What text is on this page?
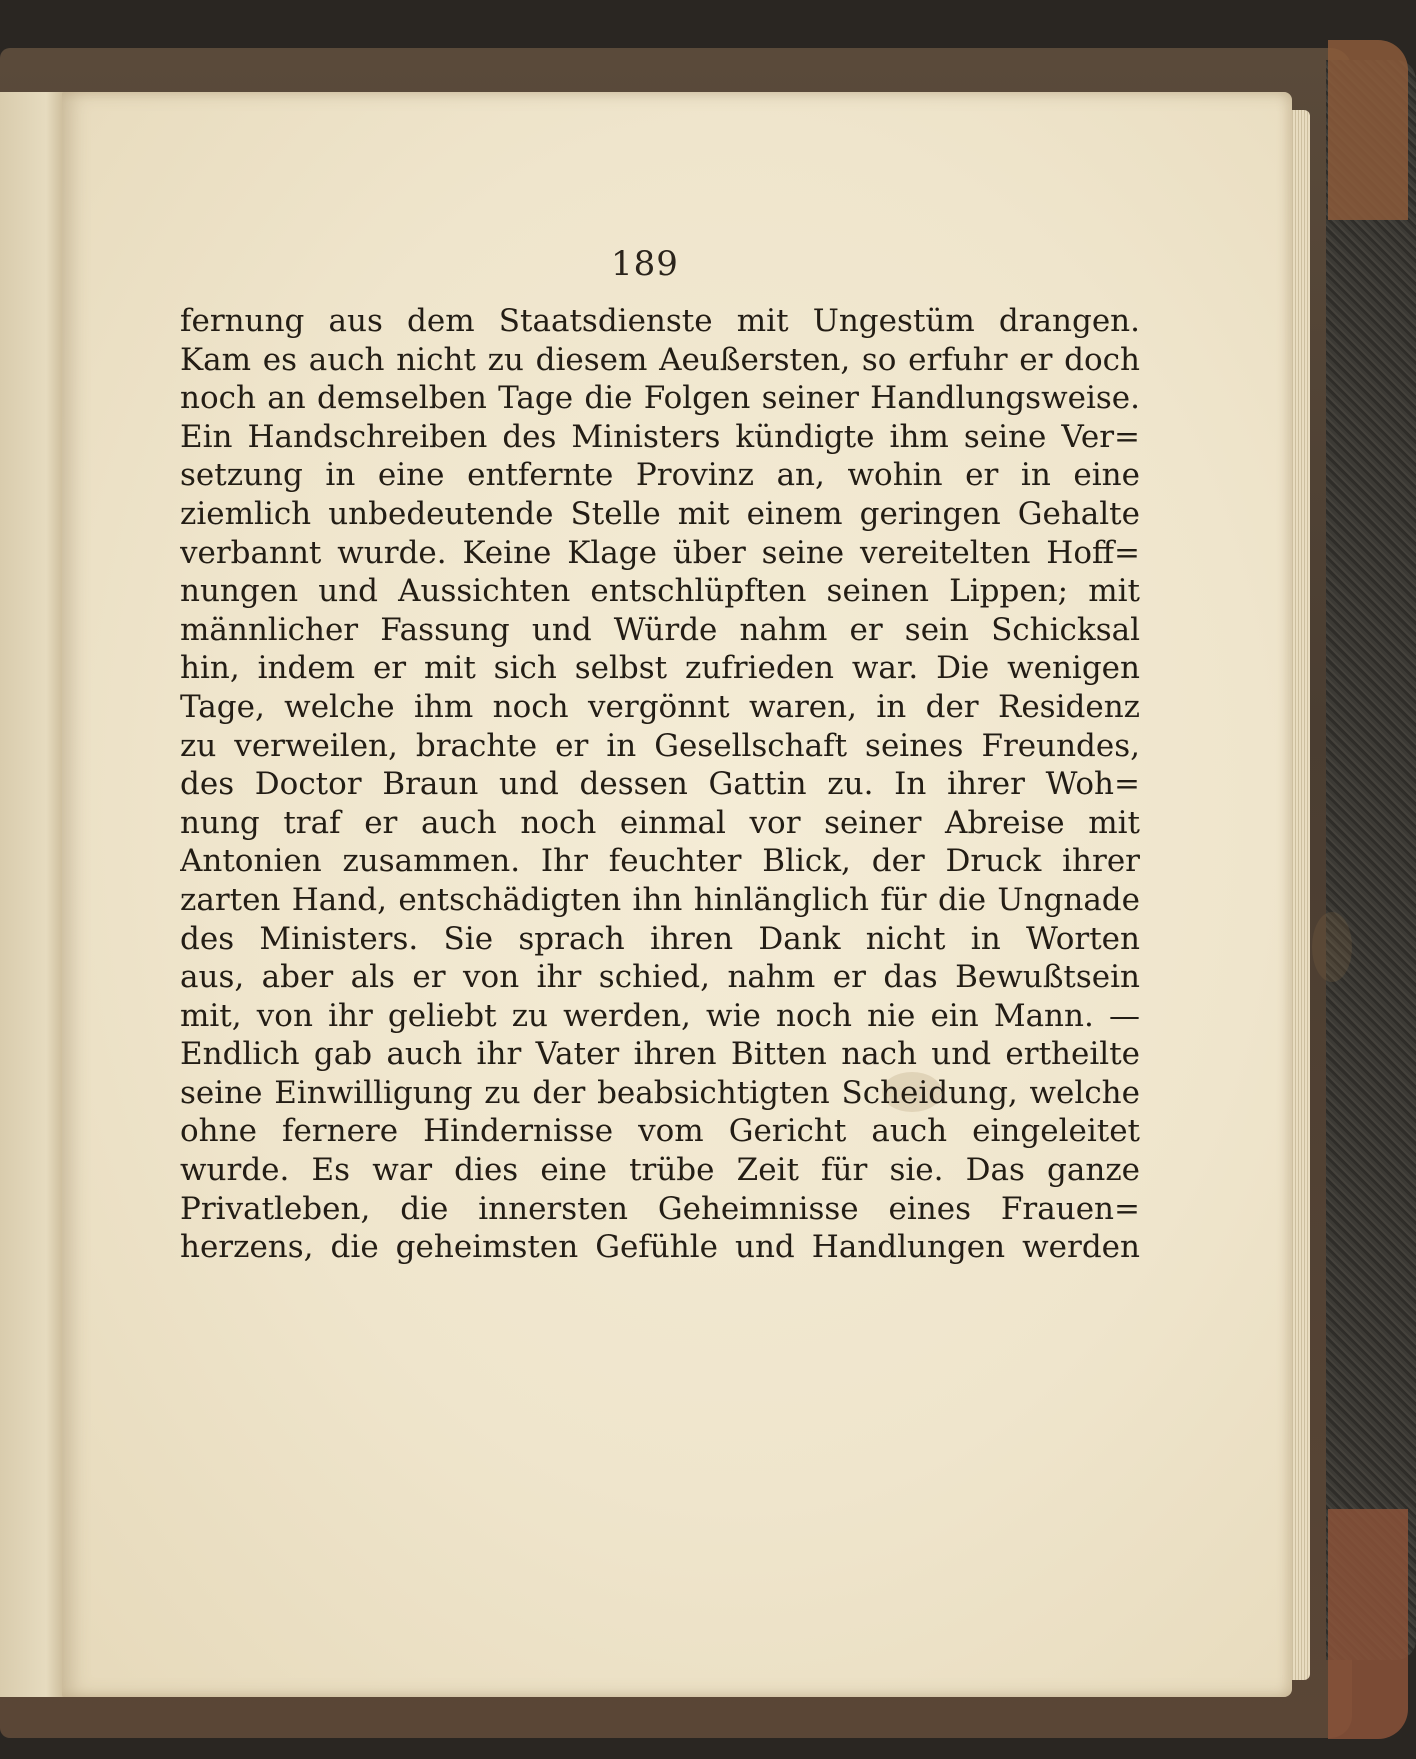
189
fernung aus dem Staatsdienste mit Ungestüm drangen.
Kam es auch nicht zu diesem Aeußersten, so erfuhr er doch
noch an demselben Tage die Folgen seiner Handlungsweise.
Ein Handschreiben des Ministers kündigte ihm seine Ver=
setzung in eine entfernte Provinz an, wohin er in eine
ziemlich unbedeutende Stelle mit einem geringen Gehalte
verbannt wurde. Keine Klage über seine vereitelten Hoff=
nungen und Aussichten entschlüpften seinen Lippen; mit
männlicher Fassung und Würde nahm er sein Schicksal
hin, indem er mit sich selbst zufrieden war. Die wenigen
Tage, welche ihm noch vergönnt waren, in der Residenz
zu verweilen, brachte er in Gesellschaft seines Freundes,
des Doctor Braun und dessen Gattin zu. In ihrer Woh=
nung traf er auch noch einmal vor seiner Abreise mit
Antonien zusammen. Ihr feuchter Blick, der Druck ihrer
zarten Hand, entschädigten ihn hinlänglich für die Ungnade
des Ministers. Sie sprach ihren Dank nicht in Worten
aus, aber als er von ihr schied, nahm er das Bewußtsein
mit, von ihr geliebt zu werden, wie noch nie ein Mann. —
Endlich gab auch ihr Vater ihren Bitten nach und ertheilte
seine Einwilligung zu der beabsichtigten Scheidung, welche
ohne fernere Hindernisse vom Gericht auch eingeleitet
wurde. Es war dies eine trübe Zeit für sie. Das ganze
Privatleben, die innersten Geheimnisse eines Frauen=
herzens, die geheimsten Gefühle und Handlungen werden
